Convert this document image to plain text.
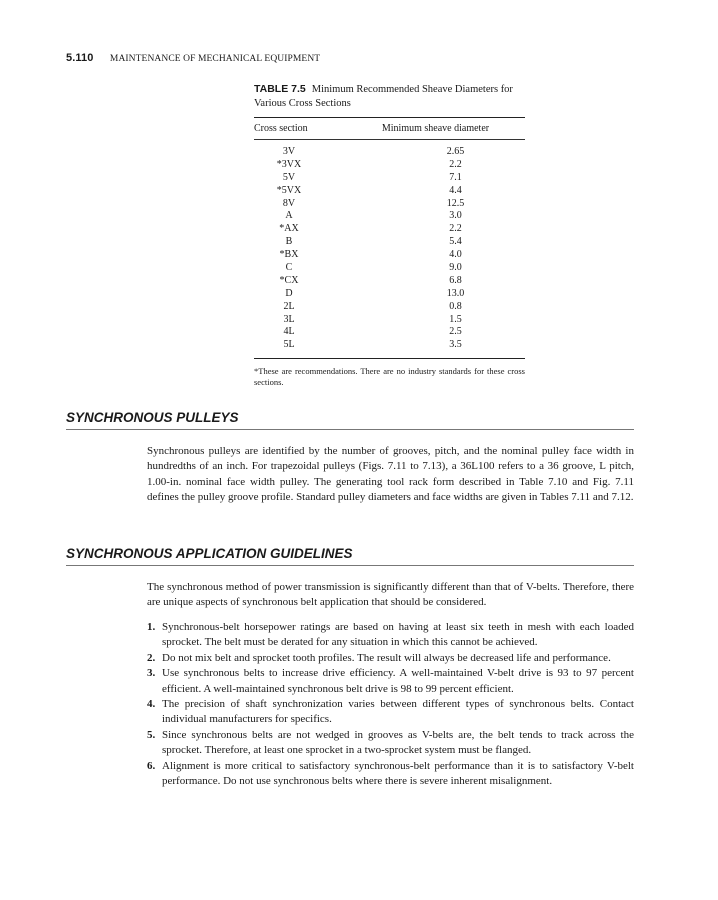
5.110 MAINTENANCE OF MECHANICAL EQUIPMENT
TABLE 7.5 Minimum Recommended Sheave Diameters for Various Cross Sections
Cross section	Minimum sheave diameter
3V	2.65
*3VX	2.2
5V	7.1
*5VX	4.4
8V	12.5
A	3.0
*AX	2.2
B	5.4
*BX	4.0
C	9.0
*CX	6.8
D	13.0
2L	0.8
3L	1.5
4L	2.5
5L	3.5
*These are recommendations. There are no industry standards for these cross sections.
SYNCHRONOUS PULLEYS
Synchronous pulleys are identified by the number of grooves, pitch, and the nominal pulley face width in hundredths of an inch. For trapezoidal pulleys (Figs. 7.11 to 7.13), a 36L100 refers to a 36 groove, L pitch, 1.00-in. nominal face width pulley. The generating tool rack form described in Table 7.10 and Fig. 7.11 defines the pulley groove profile. Standard pulley diameters and face widths are given in Tables 7.11 and 7.12.
SYNCHRONOUS APPLICATION GUIDELINES
The synchronous method of power transmission is significantly different than that of V-belts. Therefore, there are unique aspects of synchronous belt application that should be considered.
1. Synchronous-belt horsepower ratings are based on having at least six teeth in mesh with each loaded sprocket. The belt must be derated for any situation in which this cannot be achieved.
2. Do not mix belt and sprocket tooth profiles. The result will always be decreased life and performance.
3. Use synchronous belts to increase drive efficiency. A well-maintained V-belt drive is 93 to 97 percent efficient. A well-maintained synchronous belt drive is 98 to 99 percent efficient.
4. The precision of shaft synchronization varies between different types of synchronous belts. Contact individual manufacturers for specifics.
5. Since synchronous belts are not wedged in grooves as V-belts are, the belt tends to track across the sprocket. Therefore, at least one sprocket in a two-sprocket system must be flanged.
6. Alignment is more critical to satisfactory synchronous-belt performance than it is to satisfactory V-belt performance. Do not use synchronous belts where there is severe inherent misalignment.
